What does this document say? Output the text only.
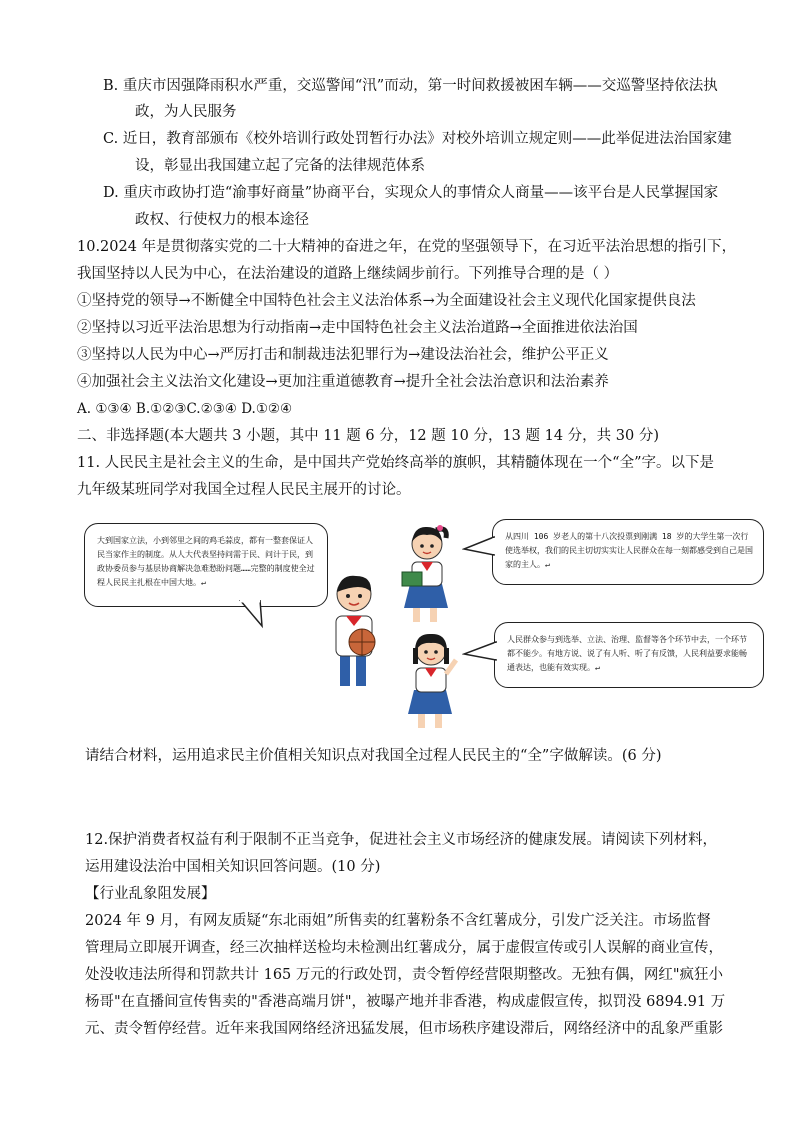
B. 重庆市因强降雨积水严重，交巡警闻“汛”而动，第一时间救援被困车辆——交巡警坚持依法执
政，为人民服务
C. 近日，教育部颁布《校外培训行政处罚暂行办法》对校外培训立规定则——此举促进法治国家建
设，彰显出我国建立起了完备的法律规范体系
D. 重庆市政协打造“渝事好商量”协商平台，实现众人的事情众人商量——该平台是人民掌握国家
政权、行使权力的根本途径
10.2024 年是贯彻落实党的二十大精神的奋进之年，在党的坚强领导下，在习近平法治思想的指引下，
我国坚持以人民为中心，在法治建设的道路上继续阔步前行。下列推导合理的是（ ）
①坚持党的领导→不断健全中国特色社会主义法治体系→为全面建设社会主义现代化国家提供良法
②坚持以习近平法治思想为行动指南→走中国特色社会主义法治道路→全面推进依法治国
③坚持以人民为中心→严厉打击和制裁违法犯罪行为→建设法治社会，维护公平正义
④加强社会主义法治文化建设→更加注重道德教育→提升全社会法治意识和法治素养
A. ①③④ B.①②③C.②③④ D.①②④
二、非选择题(本大题共 3 小题，其中 11 题 6 分，12 题 10 分，13 题 14 分，共 30 分)
11. 人民民主是社会主义的生命，是中国共产党始终高举的旗帜，其精髓体现在一个“全”字。以下是
九年级某班同学对我国全过程人民民主展开的讨论。
大到国家立法，小到邻里之间的鸡毛蒜皮，都有一整套保证人民当家作主的制度。从人大代表坚持问需于民、问计于民，到政协委员参与基层协商解决急难愁盼问题……完整的制度使全过程人民民主扎根在中国大地。↵
从四川 106 岁老人的第十八次投票到刚满 18 岁的大学生第一次行使选举权，我们的民主切切实实让人民群众在每一刻都感受到自己是国家的主人。↵
人民群众参与到选举、立法、治理、监督等各个环节中去，一个环节都不能少。有地方说、说了有人听、听了有反馈，人民利益要求能畅通表达，也能有效实现。↵
请结合材料，运用追求民主价值相关知识点对我国全过程人民民主的“全”字做解读。(6 分)
12.保护消费者权益有利于限制不正当竞争，促进社会主义市场经济的健康发展。请阅读下列材料，
运用建设法治中国相关知识回答问题。(10 分)
【行业乱象阻发展】
2024 年 9 月，有网友质疑“东北雨姐”所售卖的红薯粉条不含红薯成分，引发广泛关注。市场监督
管理局立即展开调查，经三次抽样送检均未检测出红薯成分，属于虚假宣传或引人误解的商业宣传，
处没收违法所得和罚款共计 165 万元的行政处罚，责令暂停经营限期整改。无独有偶，网红"疯狂小
杨哥"在直播间宣传售卖的"香港高端月饼"，被曝产地并非香港，构成虚假宣传，拟罚没 6894.91 万
元、责令暂停经营。近年来我国网络经济迅猛发展，但市场秩序建设滞后，网络经济中的乱象严重影
